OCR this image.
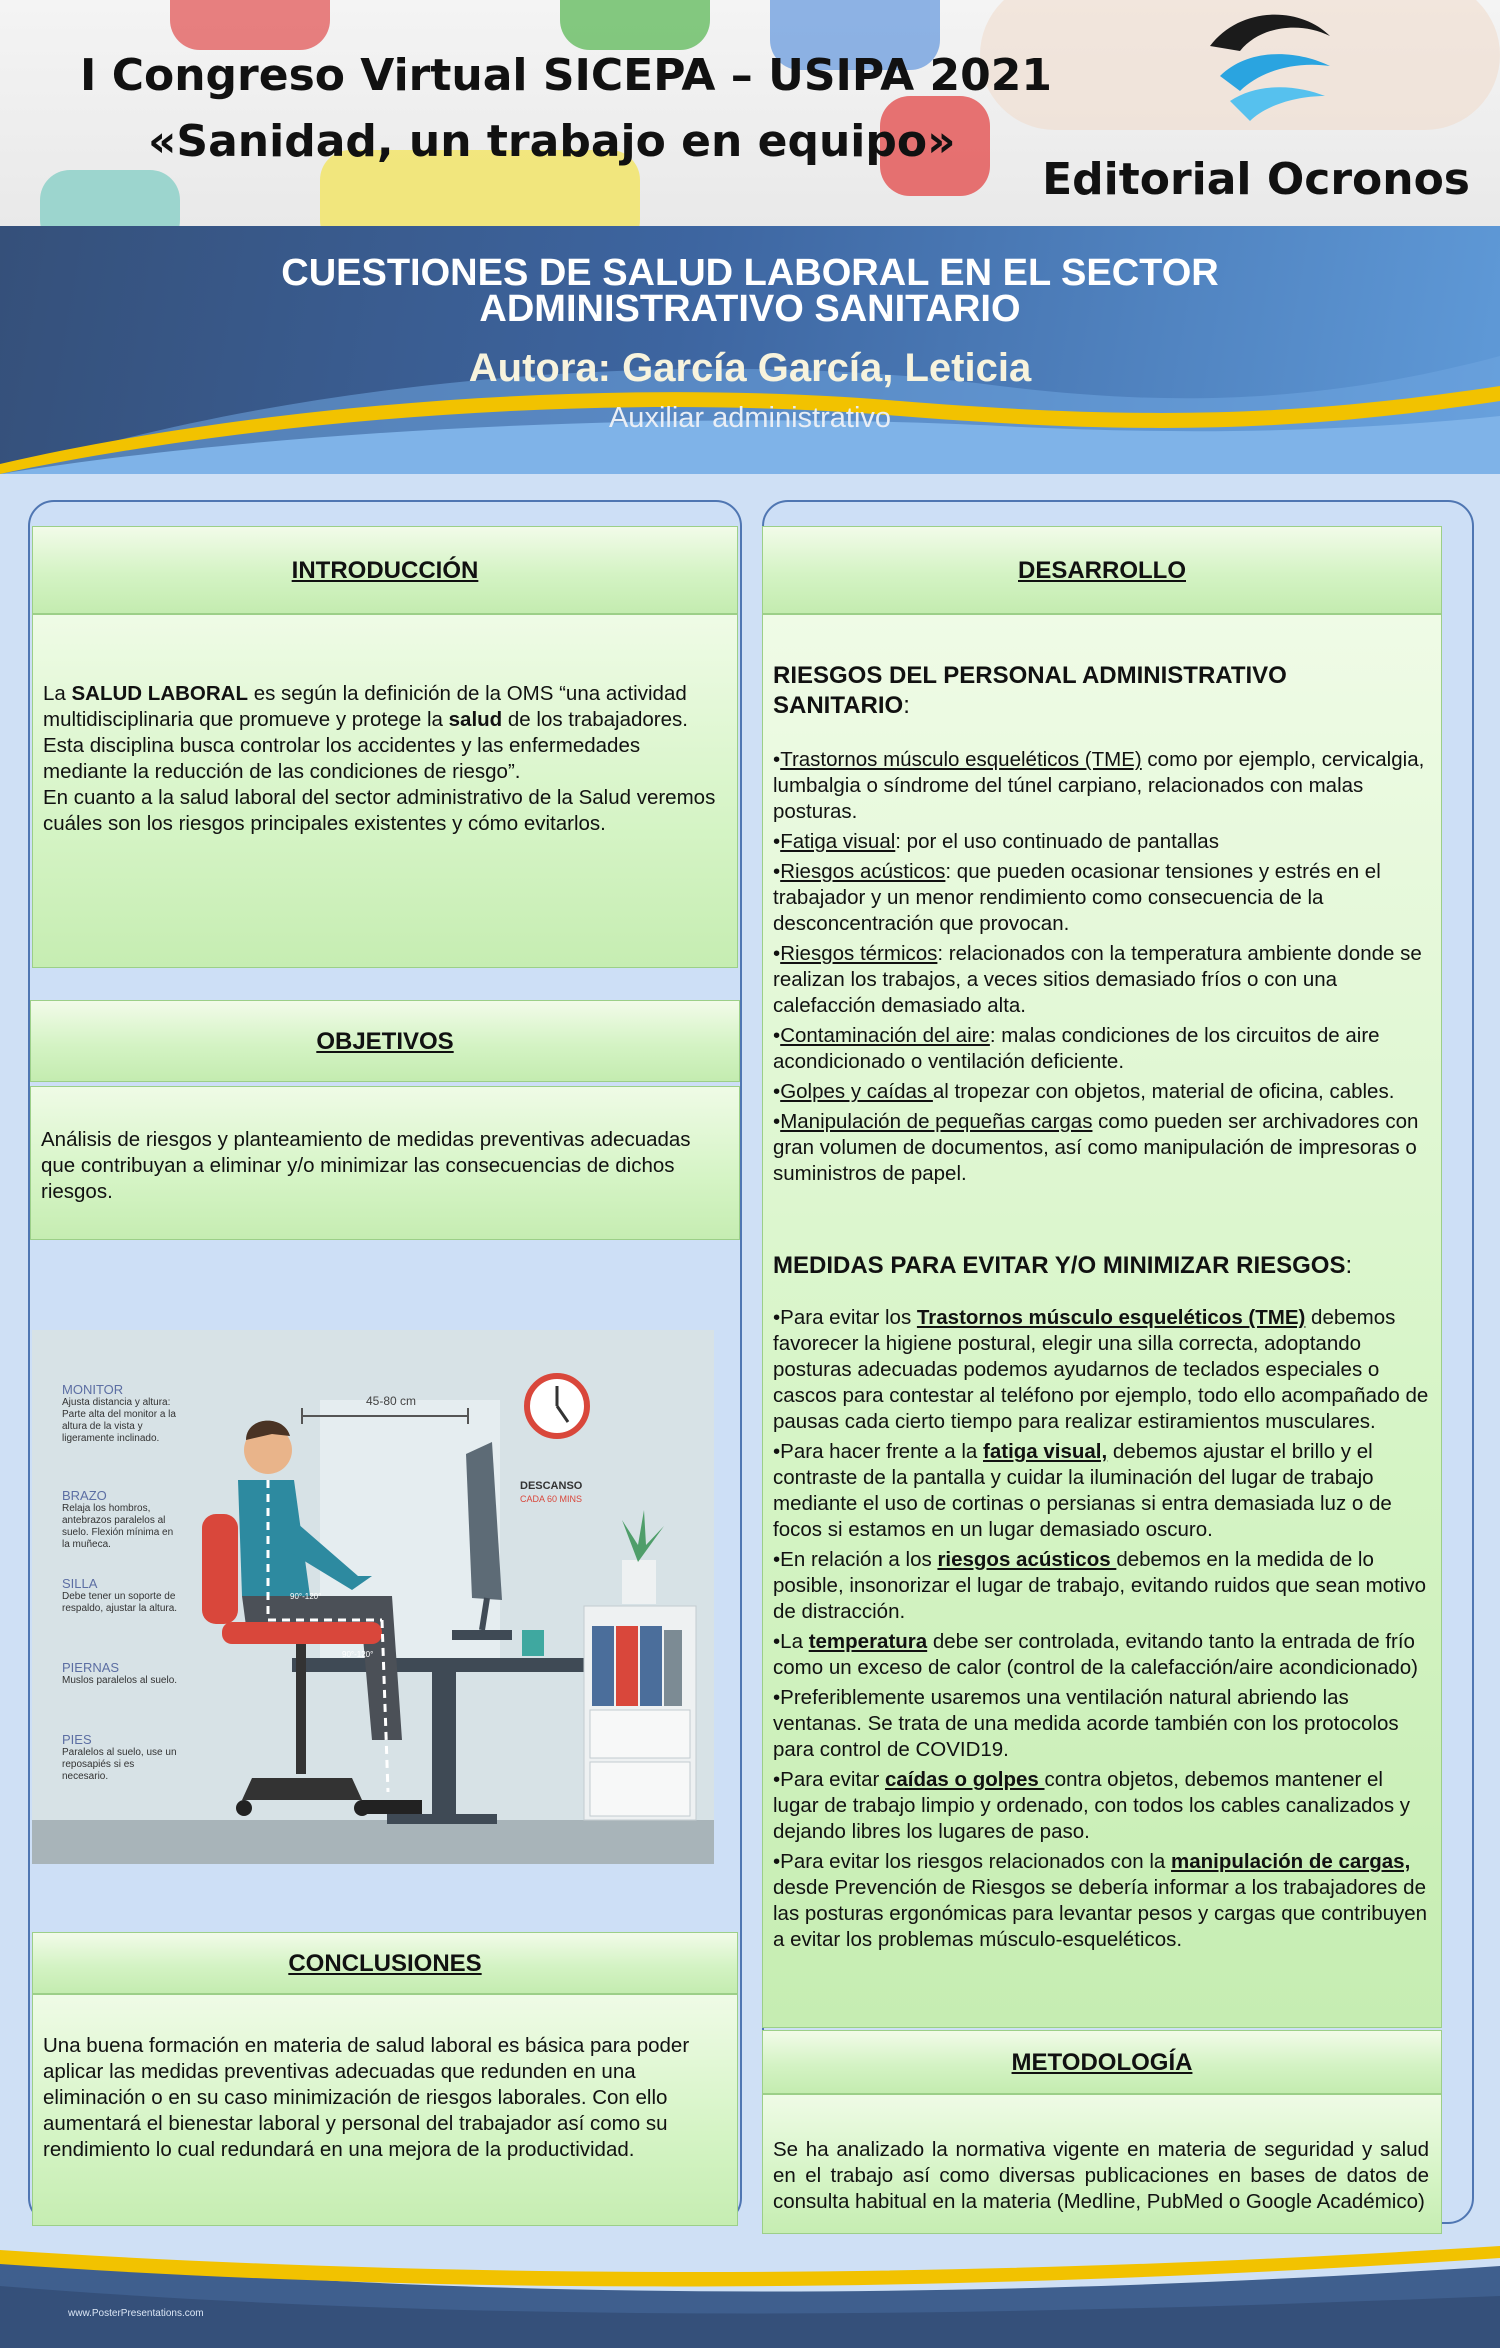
I Congreso Virtual SICEPA – USIPA 2021
«Sanidad, un trabajo en equipo»
Editorial Ocronos
CUESTIONES DE SALUD LABORAL EN EL SECTOR
ADMINISTRATIVO SANITARIO
Autora: García García, Leticia
Auxiliar administrativo
INTRODUCCIÓN

La SALUD LABORAL es según la definición de la OMS “una actividad multidisciplinaria que promueve y protege la salud de los trabajadores. Esta disciplina busca controlar los accidentes y las enfermedades mediante la reducción de las condiciones de riesgo”.

En cuanto a la salud laboral del sector administrativo de la Salud veremos cuáles son los riesgos principales existentes y cómo evitarlos.

OBJETIVOS

Análisis de riesgos y planteamiento de medidas preventivas adecuadas que contribuyan a eliminar y/o minimizar las consecuencias de dichos riesgos.

45-80 cm
DESCANSO
CADA 60 MINS
90°-120°
90°-120°
MONITOR
Ajusta distancia y altura: Parte alta del monitor a la altura de la vista y ligeramente inclinado.
BRAZO
Relaja los hombros, antebrazos paralelos al suelo. Flexión mínima en la muñeca.
SILLA
Debe tener un soporte de respaldo, ajustar la altura.
PIERNAS
Muslos paralelos al suelo.
PIES
Paralelos al suelo, use un reposapiés si es necesario.
CONCLUSIONES

Una buena formación en materia de salud laboral es básica para poder aplicar las medidas preventivas adecuadas que redunden en una eliminación o en su caso minimización de riesgos laborales. Con ello aumentará el bienestar laboral y personal del trabajador así como su rendimiento lo cual redundará en una mejora de la productividad.

DESARROLLO

RIESGOS DEL PERSONAL ADMINISTRATIVO SANITARIO:

•Trastornos músculo esqueléticos (TME) como por ejemplo, cervicalgia, lumbalgia o síndrome del túnel carpiano, relacionados con malas posturas.

•Fatiga visual: por el uso continuado de pantallas

•Riesgos acústicos: que pueden ocasionar tensiones y estrés en el trabajador y un menor rendimiento como consecuencia de la desconcentración que provocan.

•Riesgos térmicos: relacionados con la temperatura ambiente donde se realizan los trabajos, a veces sitios demasiado fríos o con una calefacción demasiado alta.

•Contaminación del aire: malas condiciones de los circuitos de aire acondicionado o ventilación deficiente.

•Golpes y caídas al tropezar con objetos, material de oficina, cables.

•Manipulación de pequeñas cargas como pueden ser archivadores con gran volumen de documentos, así como manipulación de impresoras o suministros de papel.

MEDIDAS PARA EVITAR Y/O MINIMIZAR RIESGOS:

•Para evitar los Trastornos músculo esqueléticos (TME) debemos favorecer la higiene postural, elegir una silla correcta, adoptando posturas adecuadas podemos ayudarnos de teclados especiales o cascos para contestar al teléfono por ejemplo, todo ello acompañado de pausas cada cierto tiempo para realizar estiramientos musculares.

•Para hacer frente a la fatiga visual, debemos ajustar el brillo y el contraste de la pantalla y cuidar la iluminación del lugar de trabajo mediante el uso de cortinas o persianas si entra demasiada luz o de focos si estamos en un lugar demasiado oscuro.

•En relación a los riesgos acústicos debemos en la medida de lo posible, insonorizar el lugar de trabajo, evitando ruidos que sean motivo de distracción.

•La temperatura debe ser controlada, evitando tanto la entrada de frío como un exceso de calor (control de la calefacción/aire acondicionado)

•Preferiblemente usaremos una ventilación natural abriendo las ventanas. Se trata de una medida acorde también con los protocolos para control de COVID19.

•Para evitar caídas o golpes contra objetos, debemos mantener el lugar de trabajo limpio y ordenado, con todos los cables canalizados y dejando libres los lugares de paso.

•Para evitar los riesgos relacionados con la manipulación de cargas, desde Prevención de Riesgos se debería informar a los trabajadores de las posturas ergonómicas para levantar pesos y cargas que contribuyen a evitar los problemas músculo-esqueléticos.

METODOLOGÍA

Se ha analizado la normativa vigente en materia de seguridad y salud en el trabajo así como diversas publicaciones en bases de datos de consulta habitual en la materia (Medline, PubMed o Google Académico)

www.PosterPresentations.com
